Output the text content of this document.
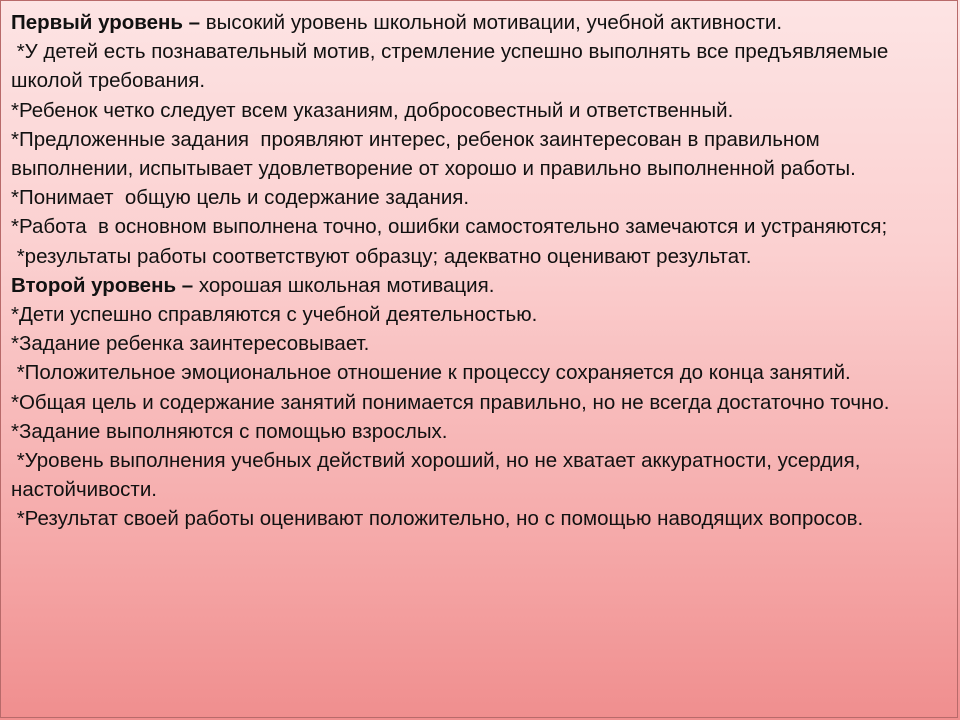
Первый уровень – высокий уровень школьной мотивации, учебной активности.

*У детей есть познавательный мотив, стремление успешно выполнять все предъявляемые школой требования.

*Ребенок четко следует всем указаниям, добросовестный и ответственный.

*Предложенные задания  проявляют интерес, ребенок заинтересован в правильном выполнении, испытывает удовлетворение от хорошо и правильно выполненной работы.

*Понимает  общую цель и содержание задания.

*Работа  в основном выполнена точно, ошибки самостоятельно замечаются и устраняются;

*результаты работы соответствуют образцу; адекватно оценивают результат.

Второй уровень – хорошая школьная мотивация.

*Дети успешно справляются с учебной деятельностью.

*Задание ребенка заинтересовывает.

*Положительное эмоциональное отношение к процессу сохраняется до конца занятий.

*Общая цель и содержание занятий понимается правильно, но не всегда достаточно точно.

*Задание выполняются с помощью взрослых.

*Уровень выполнения учебных действий хороший, но не хватает аккуратности, усердия, настойчивости.

*Результат своей работы оценивают положительно, но с помощью наводящих вопросов.
